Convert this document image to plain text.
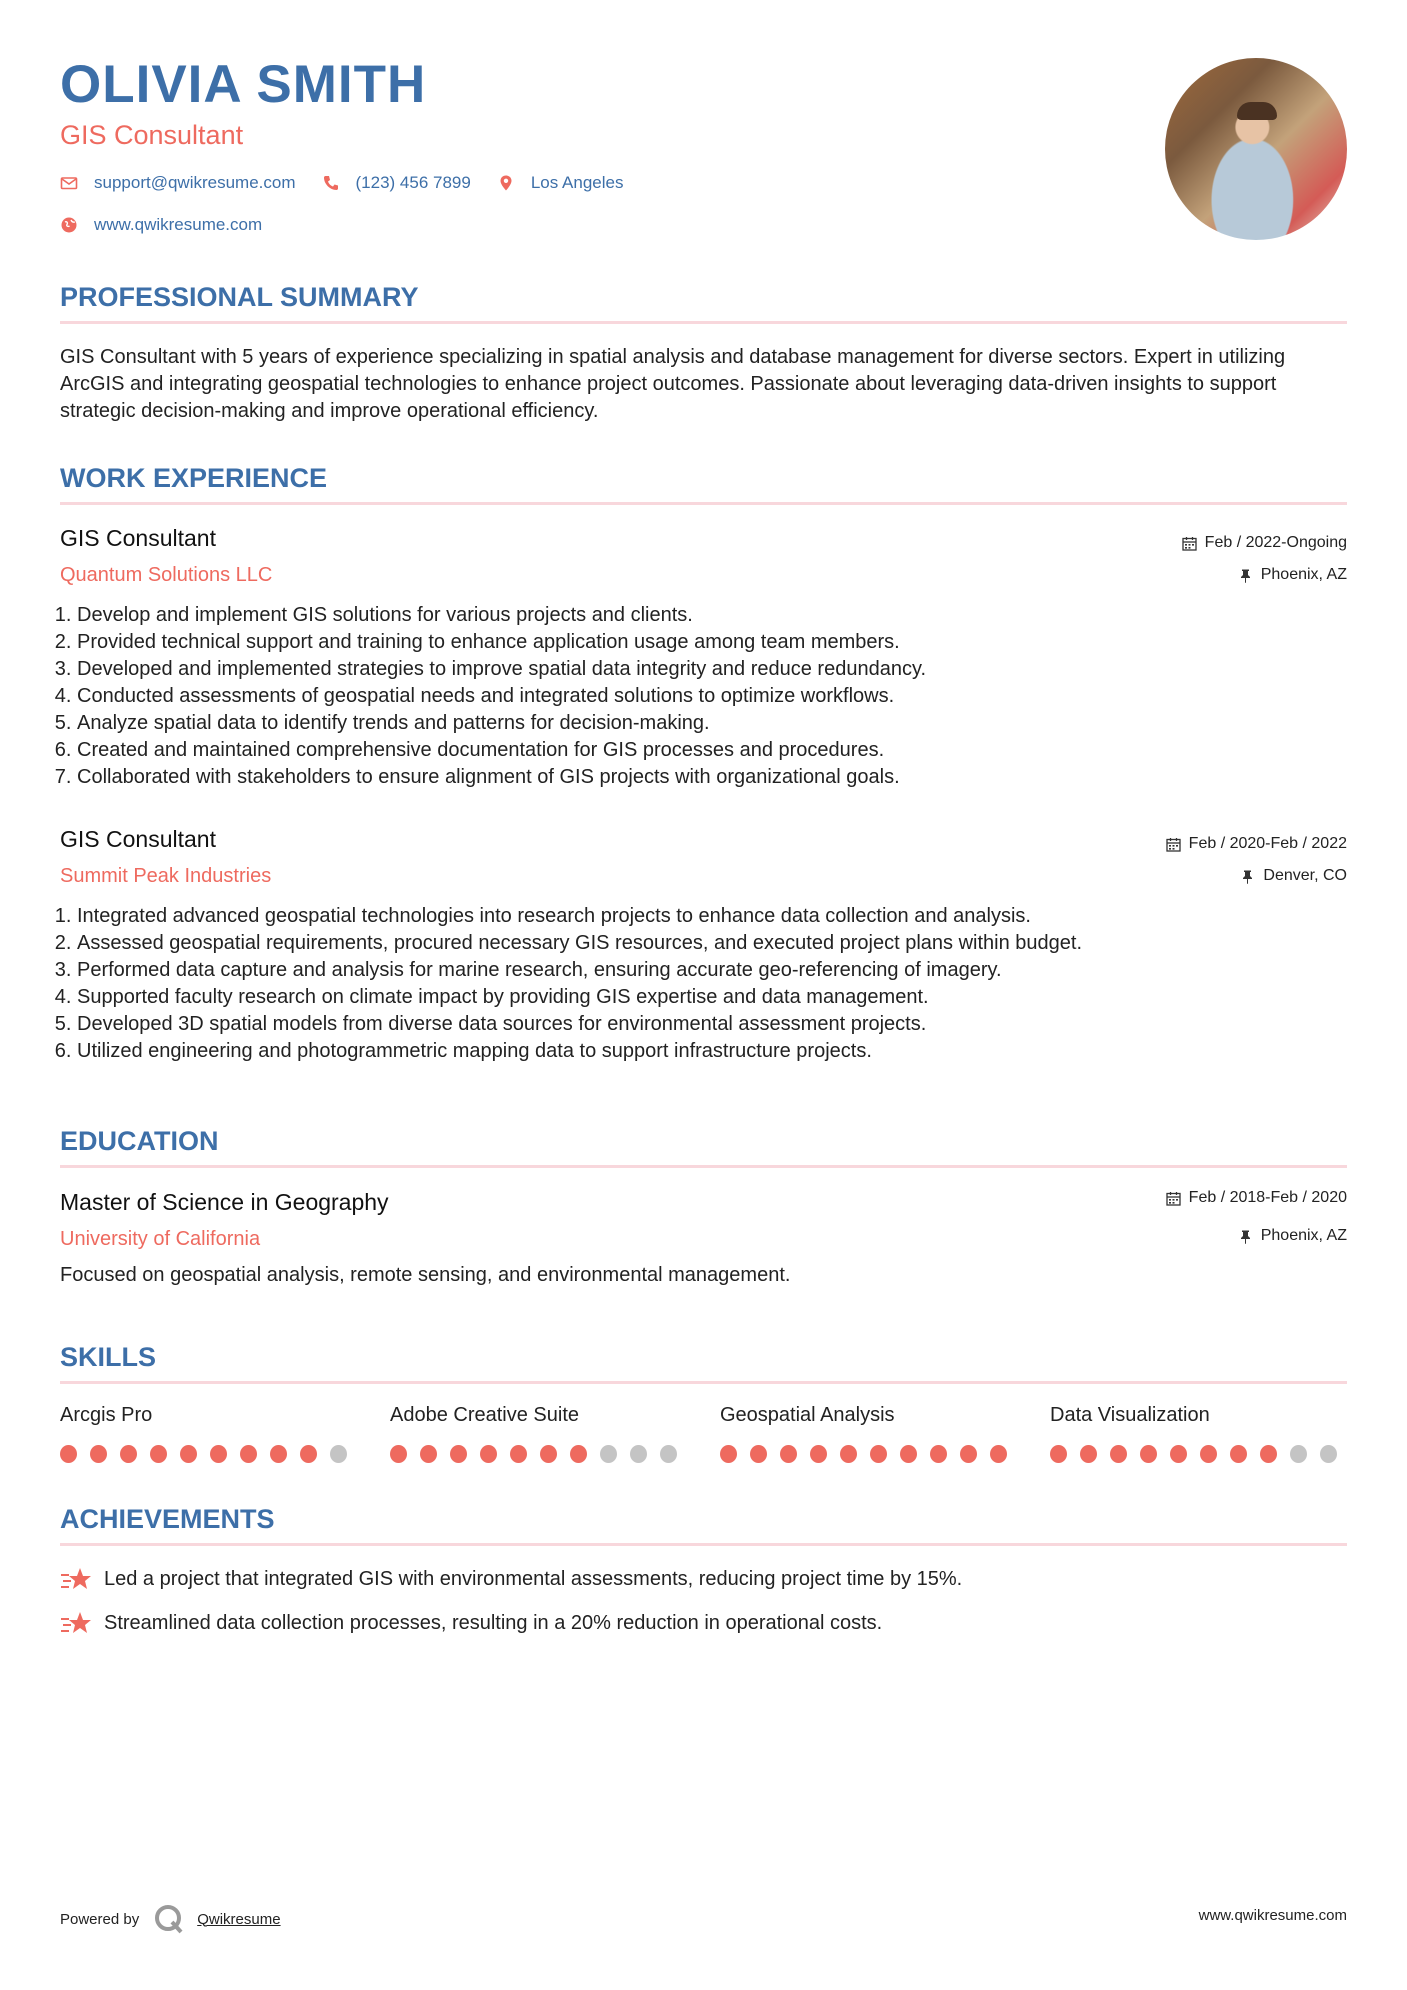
OLIVIA SMITH
GIS Consultant
support@qwikresume.com	(123) 456 7899	Los Angeles
www.qwikresume.com
PROFESSIONAL SUMMARY
GIS Consultant with 5 years of experience specializing in spatial analysis and database management for diverse sectors. Expert in utilizing ArcGIS and integrating geospatial technologies to enhance project outcomes. Passionate about leveraging data-driven insights to support strategic decision-making and improve operational efficiency.
WORK EXPERIENCE
GIS Consultant
Quantum Solutions LLC
Feb / 2022-Ongoing
Phoenix, AZ
1. Develop and implement GIS solutions for various projects and clients.
2. Provided technical support and training to enhance application usage among team members.
3. Developed and implemented strategies to improve spatial data integrity and reduce redundancy.
4. Conducted assessments of geospatial needs and integrated solutions to optimize workflows.
5. Analyze spatial data to identify trends and patterns for decision-making.
6. Created and maintained comprehensive documentation for GIS processes and procedures.
7. Collaborated with stakeholders to ensure alignment of GIS projects with organizational goals.
GIS Consultant
Summit Peak Industries
Feb / 2020-Feb / 2022
Denver, CO
1. Integrated advanced geospatial technologies into research projects to enhance data collection and analysis.
2. Assessed geospatial requirements, procured necessary GIS resources, and executed project plans within budget.
3. Performed data capture and analysis for marine research, ensuring accurate geo-referencing of imagery.
4. Supported faculty research on climate impact by providing GIS expertise and data management.
5. Developed 3D spatial models from diverse data sources for environmental assessment projects.
6. Utilized engineering and photogrammetric mapping data to support infrastructure projects.
EDUCATION
Master of Science in Geography
University of California
Feb / 2018-Feb / 2020
Phoenix, AZ
Focused on geospatial analysis, remote sensing, and environmental management.
SKILLS
Arcgis Pro	Adobe Creative Suite	Geospatial Analysis	Data Visualization
ACHIEVEMENTS
Led a project that integrated GIS with environmental assessments, reducing project time by 15%.
Streamlined data collection processes, resulting in a 20% reduction in operational costs.
Powered by	Qwikresume	www.qwikresume.com
